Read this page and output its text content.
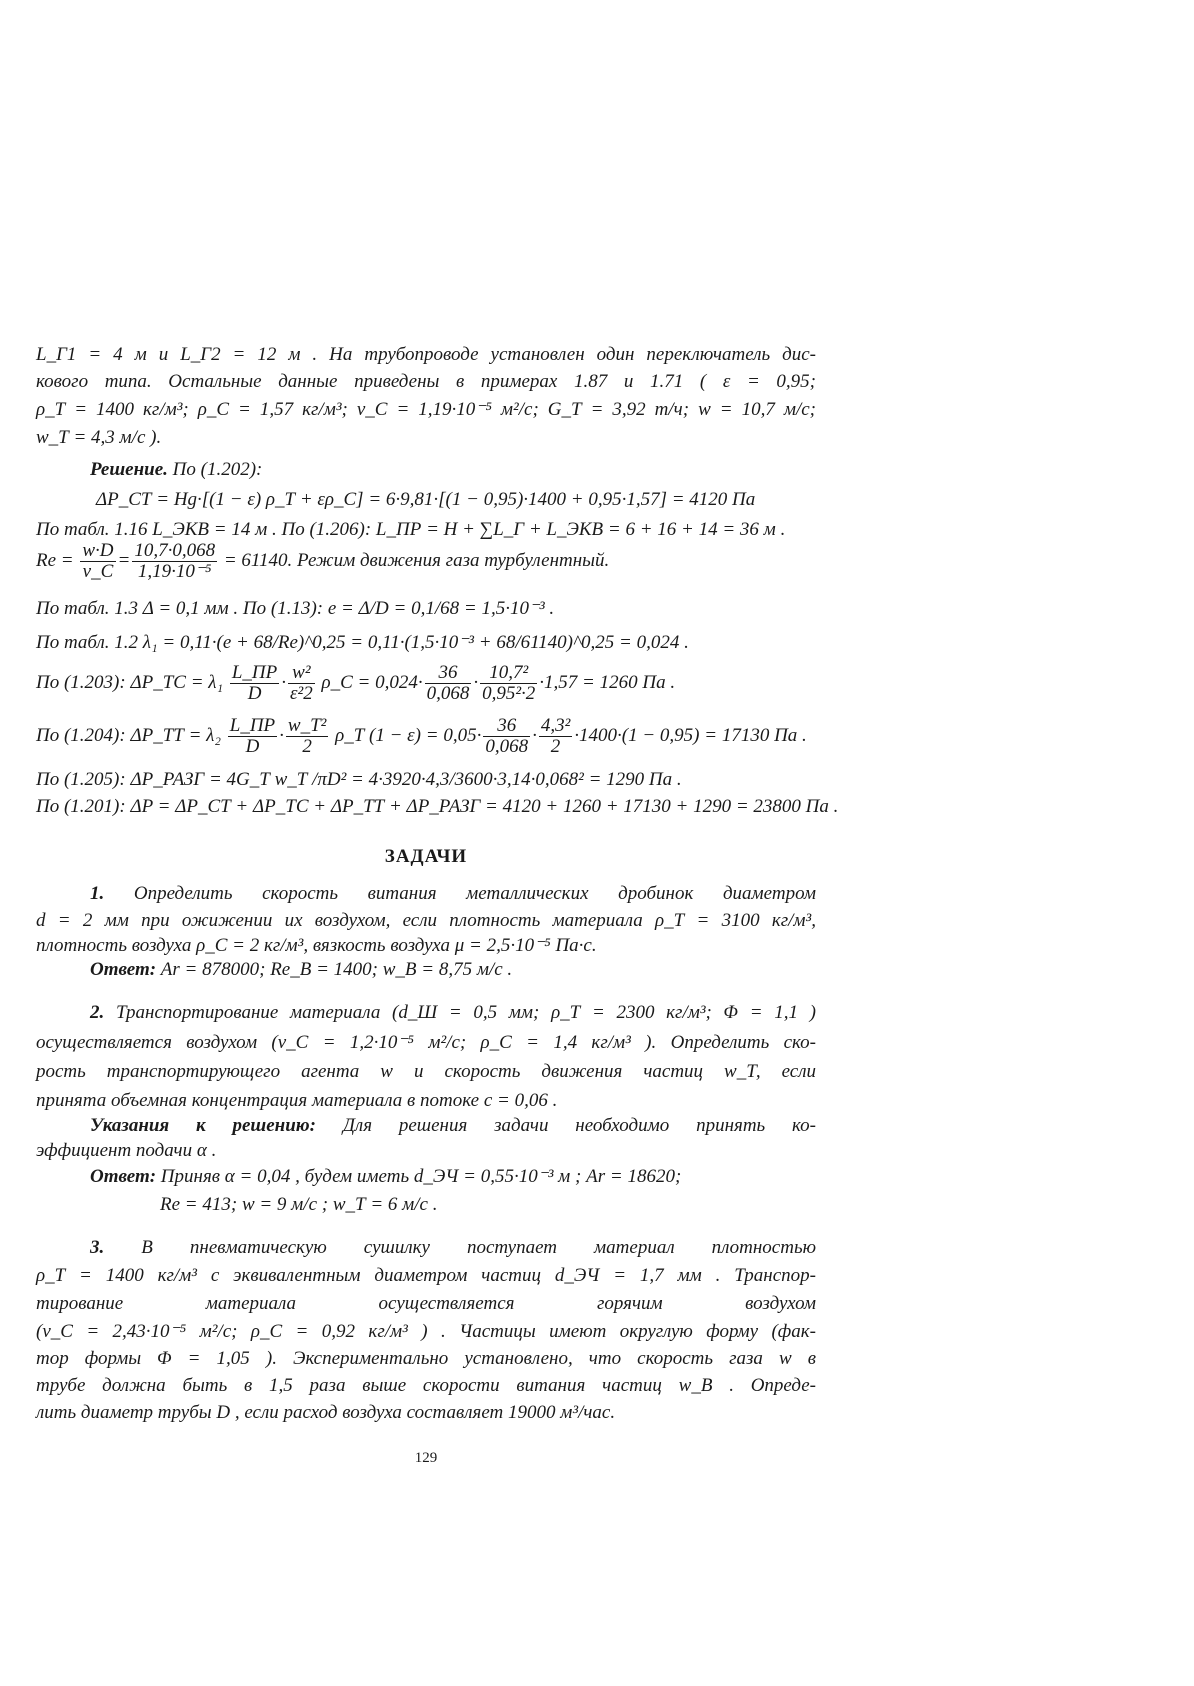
L_Г1 = 4 м и L_Г2 = 12 м . На трубопроводе установлен один переключатель дис-
кового типа. Остальные данные приведены в примерах 1.87 и 1.71 ( ε = 0,95;
ρ_Т = 1400 кг/м³; ρ_С = 1,57 кг/м³; ν_С = 1,19·10⁻⁵ м²/с; G_Т = 3,92 т/ч; w = 10,7 м/с;
w_Т = 4,3 м/с ).
Решение. По (1.202):
ΔP_СТ = Hg·[(1 − ε) ρ_Т + ερ_С] = 6·9,81·[(1 − 0,95)·1400 + 0,95·1,57] = 4120 Па
По табл. 1.16 L_ЭКВ = 14 м . По (1.206): L_ПР = H + ∑L_Г + L_ЭКВ = 6 + 16 + 14 = 36 м .
$Re = \frac{w\cdot D}{\nu\_С} = \frac{10,7\cdot 0,068}{\text{1,19·10⁻⁵}} = 61140$. Режим движения газа турбулентный.
По табл. 1.3 Δ = 0,1 мм . По (1.13): e = Δ/D = 0,1/68 = 1,5·10⁻³ .
По табл. 1.2 λ₁ = 0,11·(e + 68/Re)^0,25 = 0,11·(1,5·10⁻³ + 68/61140)^0,25 = 0,024 .
По (1.203): ΔP_ТС = $\lambda_1 \frac{L\_ПР}{D} \cdot \frac{\text{w²}}{\text{ε²2}}$ ρ_С = $0,024\cdot \frac{36}{0,068} \cdot \frac{\text{10,7²}}{\text{0,95²·2}} \cdot 1,57 = 1260$ Па .
По (1.204): ΔP_ТТ = $\lambda_2 \frac{L\_ПР}{D} \cdot \frac{\text{w\_Т²}}{2}$ ρ_Т $(1 - \varepsilon) = 0,05\cdot \frac{36}{0,068} \cdot \frac{\text{4,3²}}{2} \cdot 1400\cdot(1 - 0,95) = 17130$ Па .
По (1.205): ΔP_РАЗГ = 4G_Т w_Т /πD² = 4·3920·4,3/3600·3,14·0,068² = 1290 Па .
По (1.201): ΔP = ΔP_СТ + ΔP_ТС + ΔP_ТТ + ΔP_РАЗГ = 4120 + 1260 + 17130 + 1290 = 23800 Па .
ЗАДАЧИ
1. Определить скорость витания металлических дробинок диаметром
d = 2 мм при ожижении их воздухом, если плотность материала ρ_Т = 3100 кг/м³,
плотность воздуха ρ_С = 2 кг/м³, вязкость воздуха μ = 2,5·10⁻⁵ Па·с.
Ответ: Ar = 878000; Re_В = 1400; w_В = 8,75 м/с .
2. Транспортирование материала (d_Ш = 0,5 мм; ρ_Т = 2300 кг/м³; Φ = 1,1 )
осуществляется воздухом (ν_С = 1,2·10⁻⁵ м²/с; ρ_С = 1,4 кг/м³ ). Определить ско-
рость транспортирующего агента w и скорость движения частиц w_Т, если
принята объемная концентрация материала в потоке c = 0,06 .
Указания к решению: Для решения задачи необходимо принять ко-
эффициент подачи α .
Ответ: Приняв α = 0,04 , будем иметь d_ЭЧ = 0,55·10⁻³ м ; Ar = 18620;
Re = 413; w = 9 м/с ; w_Т = 6 м/с .
3. В пневматическую сушилку поступает материал плотностью
ρ_Т = 1400 кг/м³ с эквивалентным диаметром частиц d_ЭЧ = 1,7 мм . Транспор-
тирование материала осуществляется горячим воздухом
(ν_С = 2,43·10⁻⁵ м²/с; ρ_С = 0,92 кг/м³ ) . Частицы имеют округлую форму (фак-
тор формы Φ = 1,05 ). Экспериментально установлено, что скорость газа w в
трубе должна быть в 1,5 раза выше скорости витания частиц w_В . Опреде-
лить диаметр трубы D , если расход воздуха составляет 19000 м³/час.
129
